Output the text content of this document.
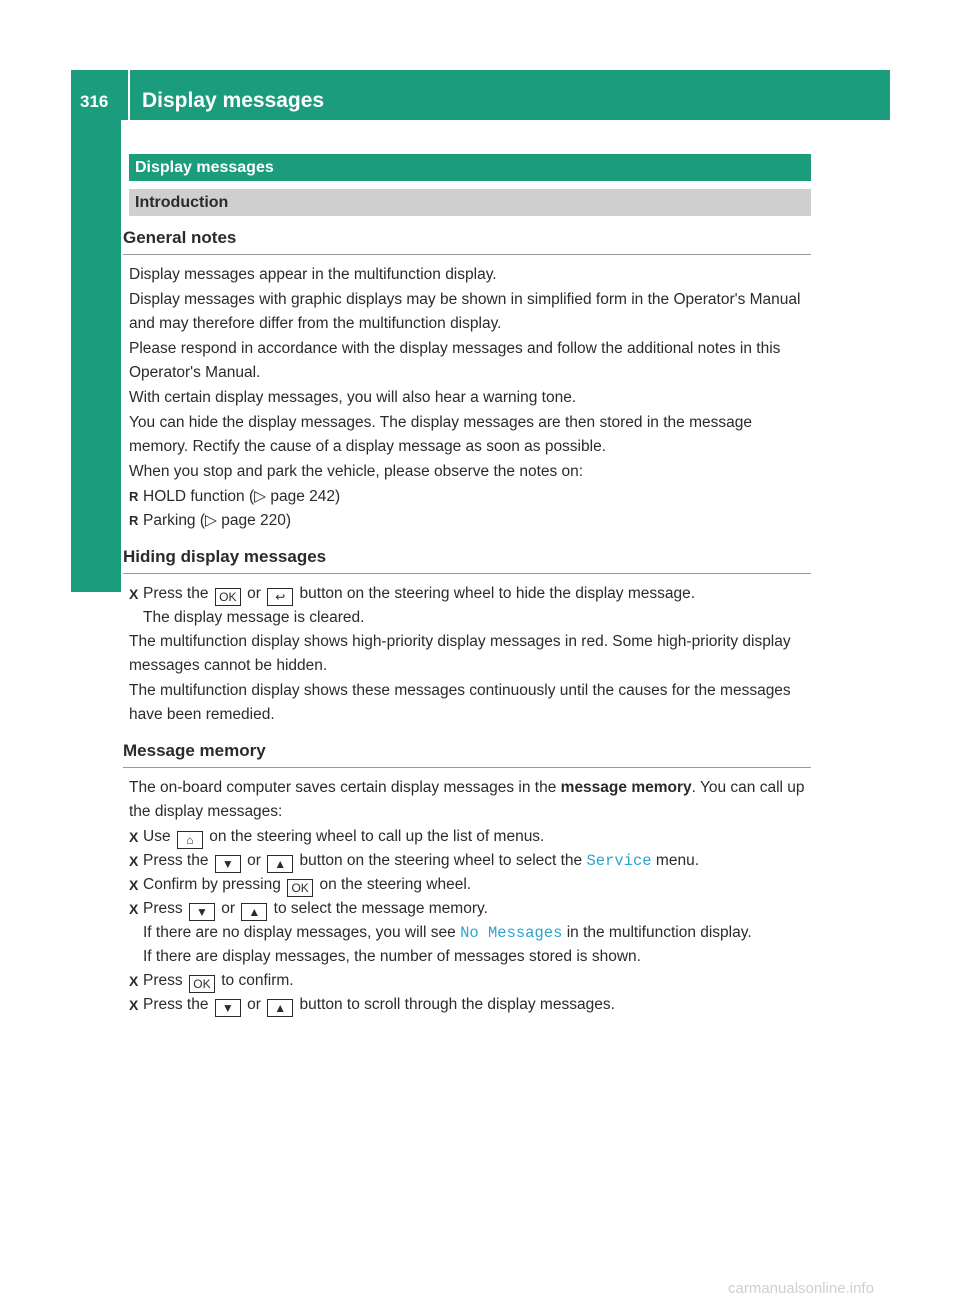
316	Display messages
On-board computer and displays
Display messages
Introduction
General notes

Display messages appear in the multifunction display.

Display messages with graphic displays may be shown in simplified form in the Operator's Manual and may therefore differ from the multifunction display.

Please respond in accordance with the display messages and follow the additional notes in this Operator's Manual.

With certain display messages, you will also hear a warning tone.

You can hide the display messages. The display messages are then stored in the message memory. Rectify the cause of a display message as soon as possible.

When you stop and park the vehicle, please observe the notes on:

R HOLD function (▷ page 242)
R Parking (▷ page 220)
Hiding display messages
X Press the OK or ↩ button on the steering wheel to hide the display message.
The display message is cleared.

The multifunction display shows high-priority display messages in red. Some high-priority display messages cannot be hidden.

The multifunction display shows these messages continuously until the causes for the messages have been remedied.

Message memory

The on-board computer saves certain display messages in the message memory. You can call up the display messages:

X Use ⌂ on the steering wheel to call up the list of menus.
X Press the ▼ or ▲ button on the steering wheel to select the Service menu.
X Confirm by pressing OK on the steering wheel.
X Press ▼ or ▲ to select the message memory.
If there are no display messages, you will see No Messages in the multifunction display.
If there are display messages, the number of messages stored is shown.
X Press OK to confirm.
X Press the ▼ or ▲ button to scroll through the display messages.
carmanualsonline.info
